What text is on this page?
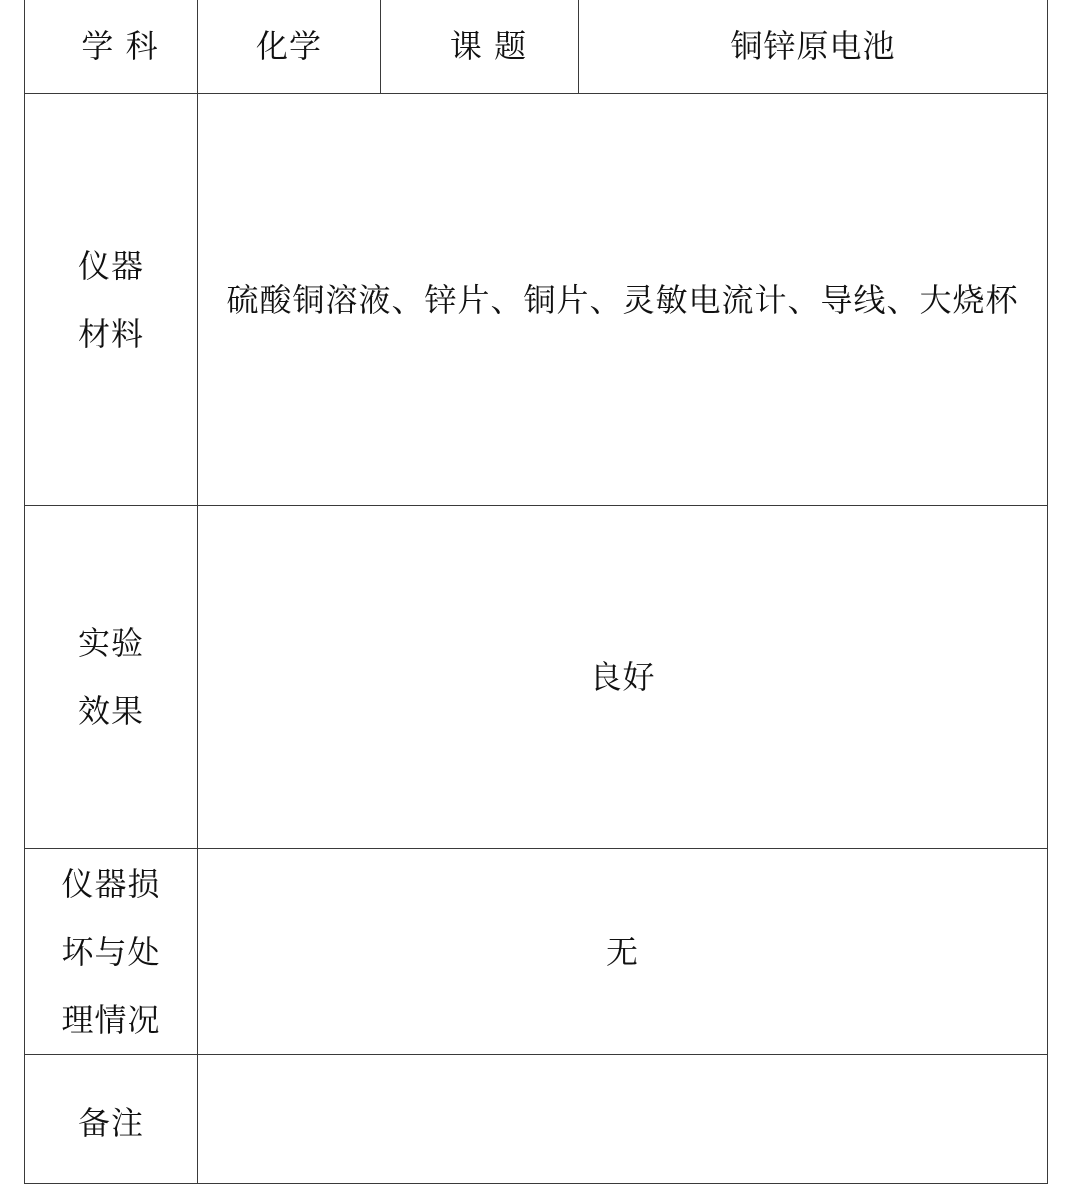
学 科	化学	课 题	铜锌原电池

仪器
材料	硫酸铜溶液、锌片、铜片、灵敏电流计、导线、大烧杯		

实验
效果	良好		

仪器损
坏与处
理情况	无		
备注			
